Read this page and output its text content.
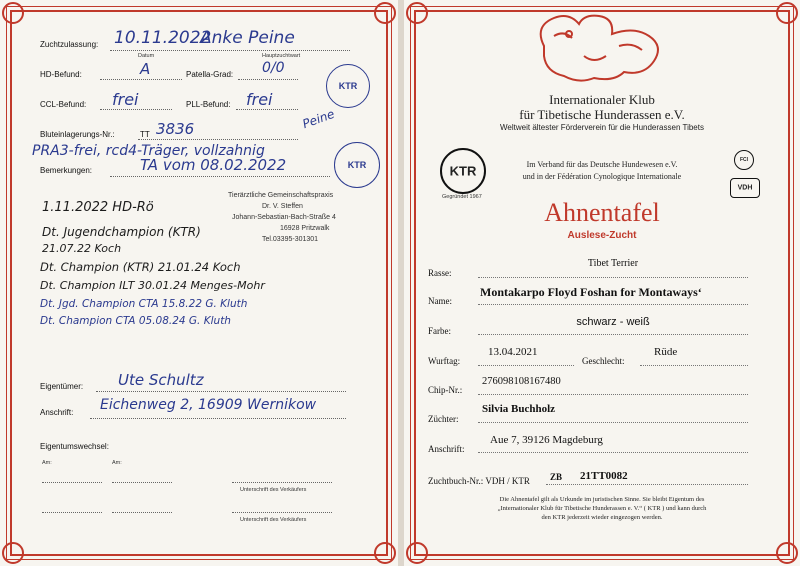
Zuchtzulassung: 10.11.2022
Anke Peine
Datum	Hauptzuchtwart
HD-Befund:	A	Patella-Grad: 0/0
KTR
CCL-Befund: frei	PLL-Befund: frei
Peine
Bluteinlagerungs-Nr.:	TT 3836
PRA3-frei, rcd4-Träger, vollzahnig
Bemerkungen:	TA vom 08.02.2022	KTR
Tierärztliche Gemeinschaftspraxis
Dr. V. Steffen
Johann-Sebastian-Bach-Straße 4
16928 Pritzwalk
Tel.03395-301301
1.11.2022 HD-Rö
Dt. Jugendchampion (KTR)
21.07.22 Koch
Dt. Champion (KTR) 21.01.24 Koch
Dt. Champion ILT 30.01.24 Menges-Mohr
Dt. Jgd. Champion CTA 15.8.22 G. Kluth
Dt. Champion CTA 05.08.24 G. Kluth
Eigentümer: Ute Schultz
Anschrift: Eichenweg 2, 16909 Wernikow
Eigentumswechsel:
Am:	Am:
Unterschrift des Verkäufers
Unterschrift des Verkäufers
Internationaler Klub
für Tibetische Hunderassen e.V.
Weltweit ältester Förderverein für die Hunderassen Tibets
KTR
Gegründet 1967
Im Verband für das Deutsche Hundewesen e.V.
und in der Fédération Cynologique Internationale
FCI
VDH
Ahnentafel
Auslese-Zucht
Rasse:
Tibet Terrier
Name:
Montakarpo Floyd Foshan for Montaways‘
Farbe:
schwarz - weiß
Wurftag:
13.04.2021
Geschlecht:
Rüde
Chip-Nr.:
276098108167480
Züchter:
Silvia Buchholz
Anschrift:
Aue 7, 39126 Magdeburg
Zuchtbuch-Nr.: VDH / KTR ZB 21TT0082
Die Ahnentafel gilt als Urkunde im juristischen Sinne. Sie bleibt Eigentum des
„Internationaler Klub für Tibetische Hunderassen e. V.“ ( KTR ) und kann durch
den KTR jederzeit wieder eingezogen werden.
